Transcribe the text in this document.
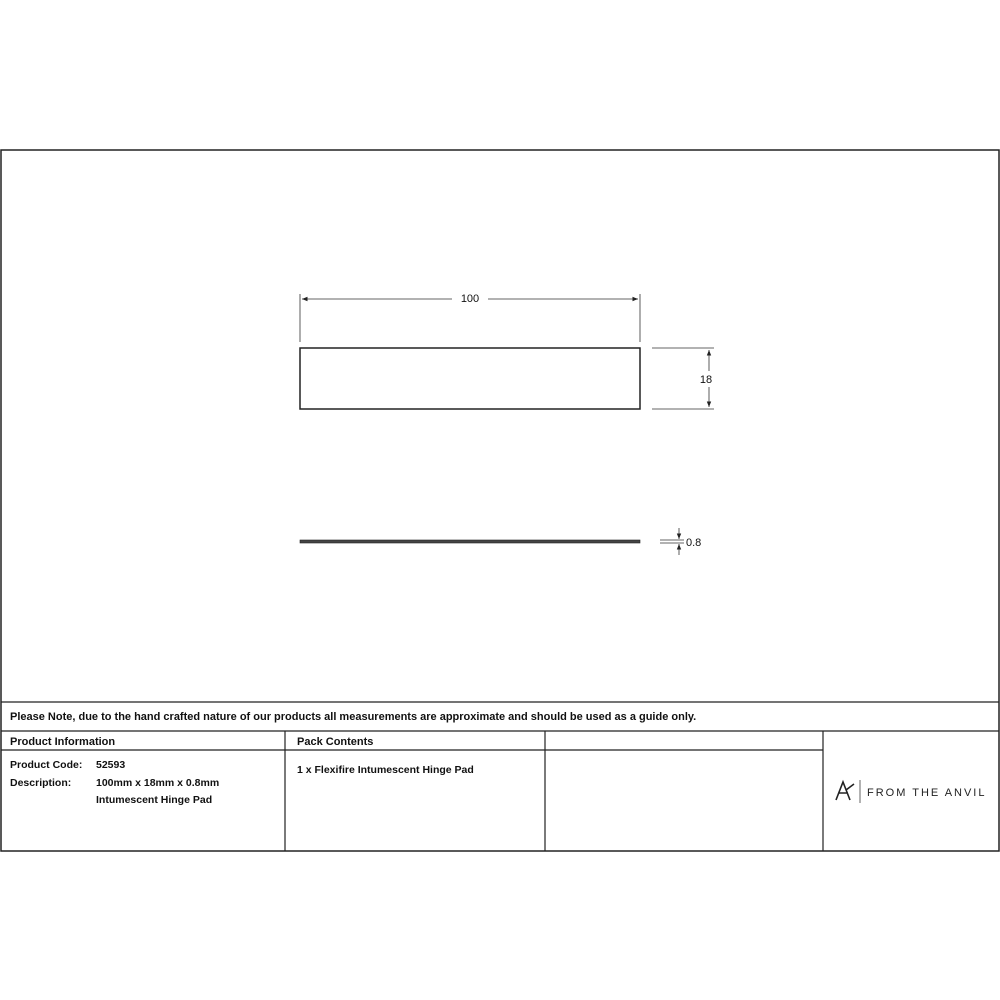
100
18
0.8
Please Note, due to the hand crafted nature of our products all measurements are approximate and should be used as a guide only.
Product Information	Pack Contents
Product Code: 52593
Description: 100mm x 18mm x 0.8mm
Intumescent Hinge Pad
1 x Flexifire Intumescent Hinge Pad
FROM THE ANVIL
